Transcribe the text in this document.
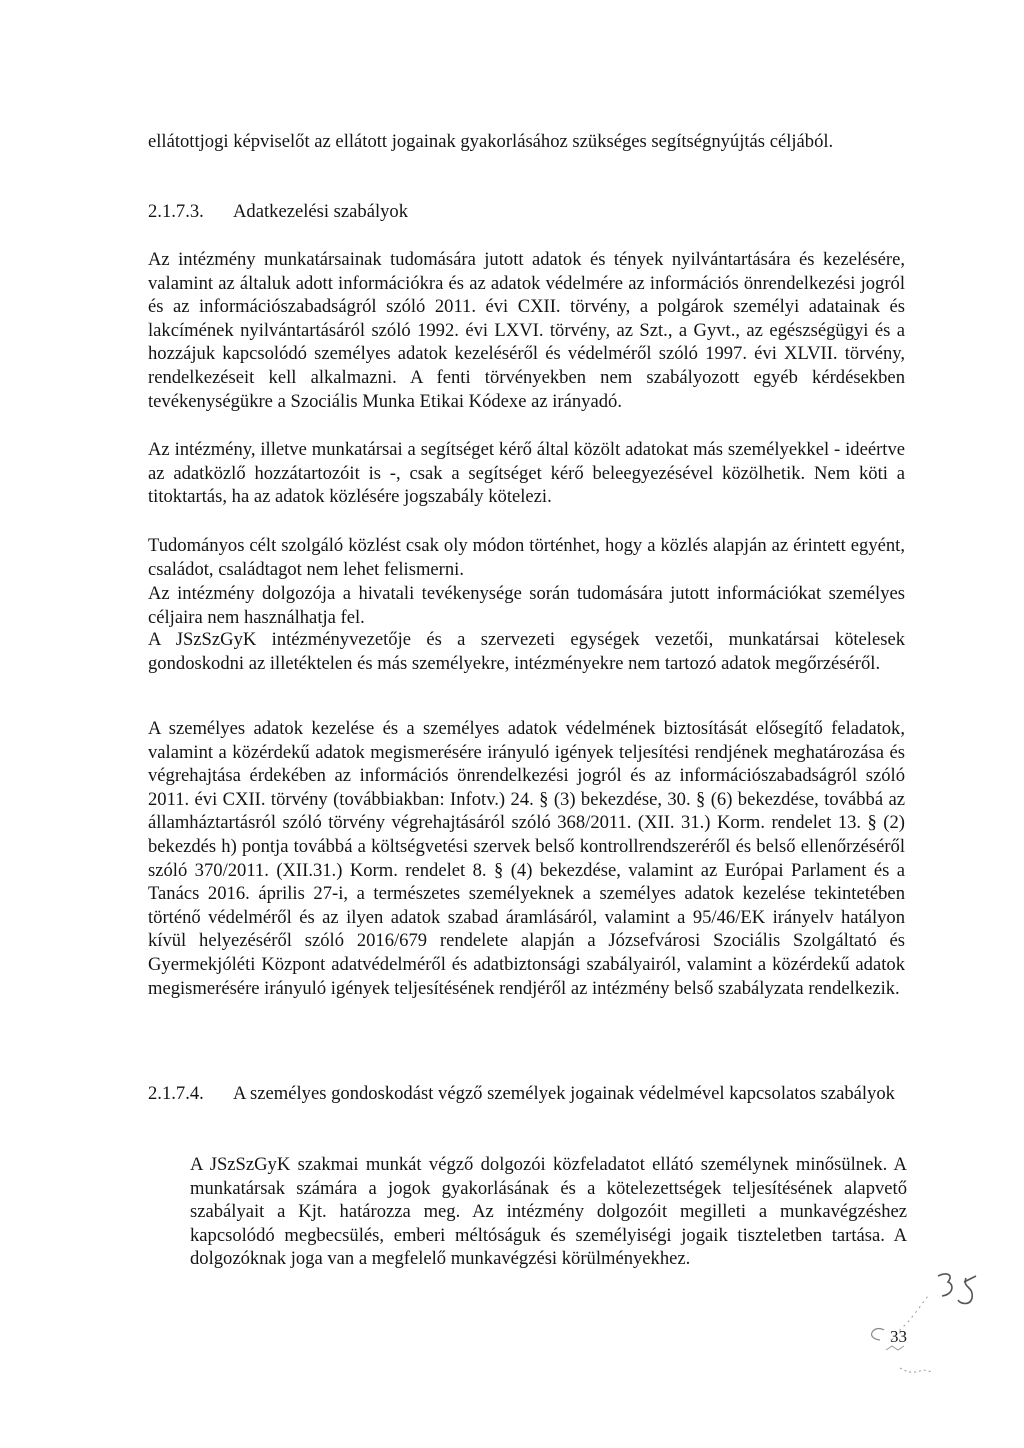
ellátottjogi képviselőt az ellátott jogainak gyakorlásához szükséges segítségnyújtás céljából.

2.1.7.3. Adatkezelési szabályok

Az intézmény munkatársainak tudomására jutott adatok és tények nyilvántartására és kezelésére, valamint az általuk adott információkra és az adatok védelmére az információs önrendelkezési jogról és az információszabadságról szóló 2011. évi CXII. törvény, a polgárok személyi adatainak és lakcímének nyilvántartásáról szóló 1992. évi LXVI. törvény, az Szt., a Gyvt., az egészségügyi és a hozzájuk kapcsolódó személyes adatok kezeléséről és védelméről szóló 1997. évi XLVII. törvény, rendelkezéseit kell alkalmazni. A fenti törvényekben nem szabályozott egyéb kérdésekben tevékenységükre a Szociális Munka Etikai Kódexe az irányadó.

Az intézmény, illetve munkatársai a segítséget kérő által közölt adatokat más személyekkel - ideértve az adatközlő hozzátartozóit is -, csak a segítséget kérő beleegyezésével közölhetik. Nem köti a titoktartás, ha az adatok közlésére jogszabály kötelezi.

Tudományos célt szolgáló közlést csak oly módon történhet, hogy a közlés alapján az érintett egyént, családot, családtagot nem lehet felismerni.

Az intézmény dolgozója a hivatali tevékenysége során tudomására jutott információkat személyes céljaira nem használhatja fel.

A JSzSzGyK intézményvezetője és a szervezeti egységek vezetői, munkatársai kötelesek gondoskodni az illetéktelen és más személyekre, intézményekre nem tartozó adatok megőrzéséről.

A személyes adatok kezelése és a személyes adatok védelmének biztosítását elősegítő feladatok, valamint a közérdekű adatok megismerésére irányuló igények teljesítési rendjének meghatározása és végrehajtása érdekében az információs önrendelkezési jogról és az információszabadságról szóló 2011. évi CXII. törvény (továbbiakban: Infotv.) 24. § (3) bekezdése, 30. § (6) bekezdése, továbbá az államháztartásról szóló törvény végrehajtásáról szóló 368/2011. (XII. 31.) Korm. rendelet 13. § (2) bekezdés h) pontja továbbá a költségvetési szervek belső kontrollrendszeréről és belső ellenőrzéséről szóló 370/2011. (XII.31.) Korm. rendelet 8. § (4) bekezdése, valamint az Európai Parlament és a Tanács 2016. április 27-i, a természetes személyeknek a személyes adatok kezelése tekintetében történő védelméről és az ilyen adatok szabad áramlásáról, valamint a 95/46/EK irányelv hatályon kívül helyezéséről szóló 2016/679 rendelete alapján a Józsefvárosi Szociális Szolgáltató és Gyermekjóléti Központ adatvédelméről és adatbiztonsági szabályairól, valamint a közérdekű adatok megismerésére irányuló igények teljesítésének rendjéről az intézmény belső szabályzata rendelkezik.

2.1.7.4. A személyes gondoskodást végző személyek jogainak védelmével kapcsolatos szabályok

A JSzSzGyK szakmai munkát végző dolgozói közfeladatot ellátó személynek minősülnek. A munkatársak számára a jogok gyakorlásának és a kötelezettségek teljesítésének alapvető szabályait a Kjt. határozza meg. Az intézmény dolgozóit megilleti a munkavégzéshez kapcsolódó megbecsülés, emberi méltóságuk és személyiségi jogaik tiszteletben tartása. A dolgozóknak joga van a megfelelő munkavégzési körülményekhez.

33
